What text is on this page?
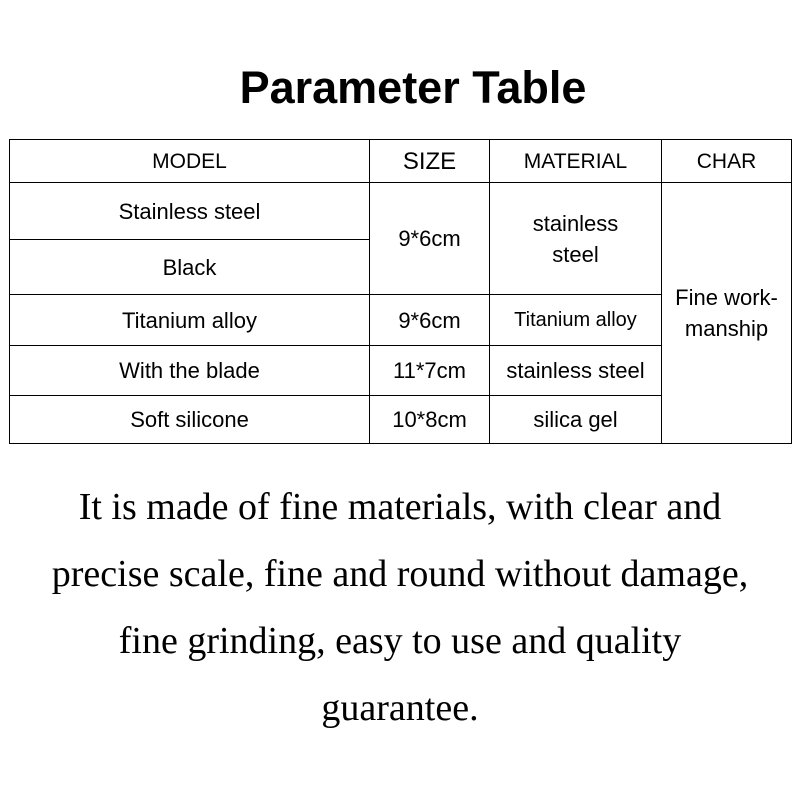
Parameter Table
MODEL	SIZE	MATERIAL	CHAR
Stainless steel	9*6cm	stainless steel	Fine work-manship
Black			
Titanium alloy	9*6cm	Titanium alloy	
With the blade	11*7cm	stainless steel	
Soft silicone	10*8cm	silica gel	
It is made of fine materials, with clear and precise scale, fine and round without damage, fine grinding, easy to use and quality guarantee.
